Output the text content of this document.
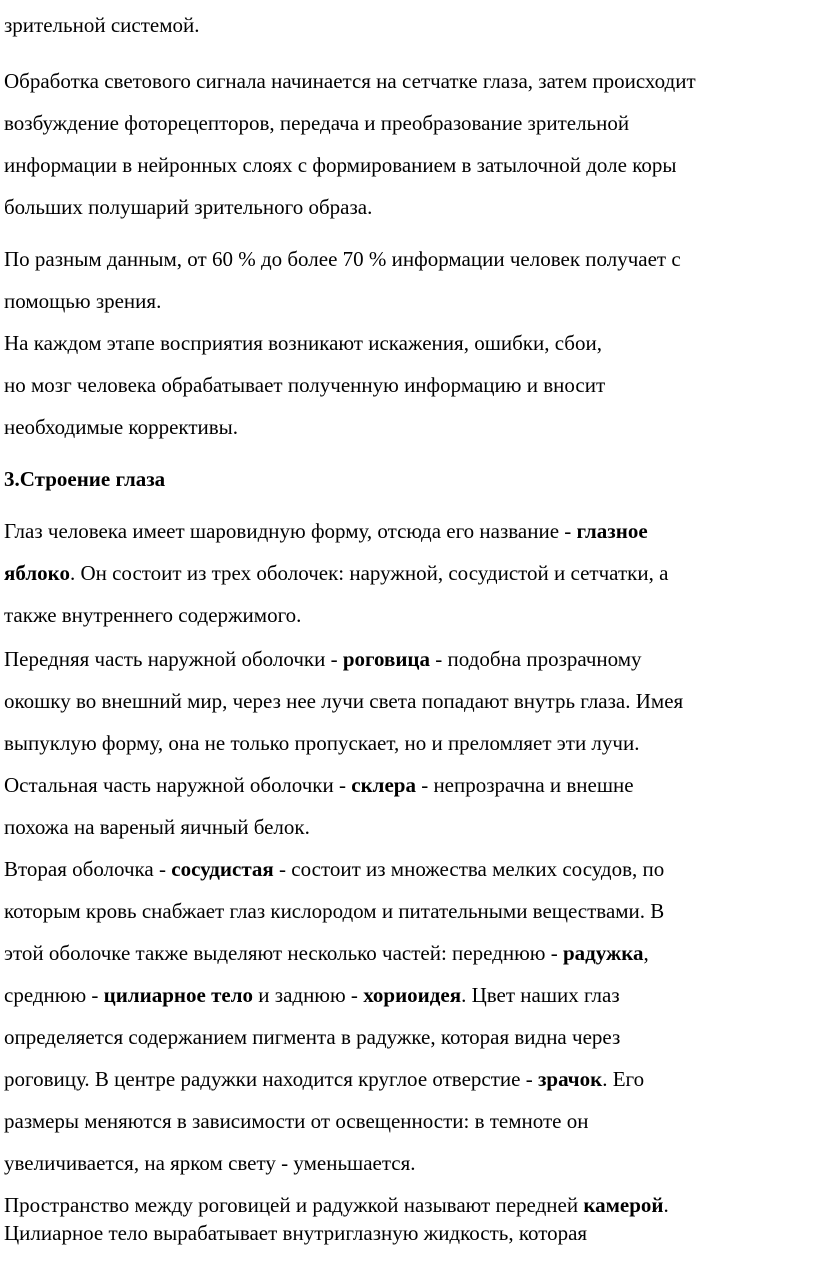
зрительной системой.

Обработка светового сигнала начинается на сетчатке глаза, затем происходит

возбуждение фоторецепторов, передача и преобразование зрительной

информации в нейронных слоях с формированием в затылочной доле коры

больших полушарий зрительного образа.

По разным данным, от 60 % до более 70 % информации человек получает с

помощью зрения.

На каждом этапе восприятия возникают искажения, ошибки, сбои,

но мозг человека обрабатывает полученную информацию и вносит

необходимые коррективы.

3.Строение глаза

Глаз человека имеет шаровидную форму, отсюда его название - глазное

яблоко. Он состоит из трех оболочек: наружной, сосудистой и сетчатки, а

также внутреннего содержимого.

Передняя часть наружной оболочки - роговица - подобна прозрачному

окошку во внешний мир, через нее лучи света попадают внутрь глаза. Имея

выпуклую форму, она не только пропускает, но и преломляет эти лучи.

Остальная часть наружной оболочки - склера - непрозрачна и внешне

похожа на вареный яичный белок.

Вторая оболочка - сосудистая - состоит из множества мелких сосудов, по

которым кровь снабжает глаз кислородом и питательными веществами. В

этой оболочке также выделяют несколько частей: переднюю - радужка,

среднюю - цилиарное тело и заднюю - хориоидея. Цвет наших глаз

определяется содержанием пигмента в радужке, которая видна через

роговицу. В центре радужки находится круглое отверстие - зрачок. Его

размеры меняются в зависимости от освещенности: в темноте он

увеличивается, на ярком свету - уменьшается.

Пространство между роговицей и радужкой называют передней камерой.

Цилиарное тело вырабатывает внутриглазную жидкость, которая
